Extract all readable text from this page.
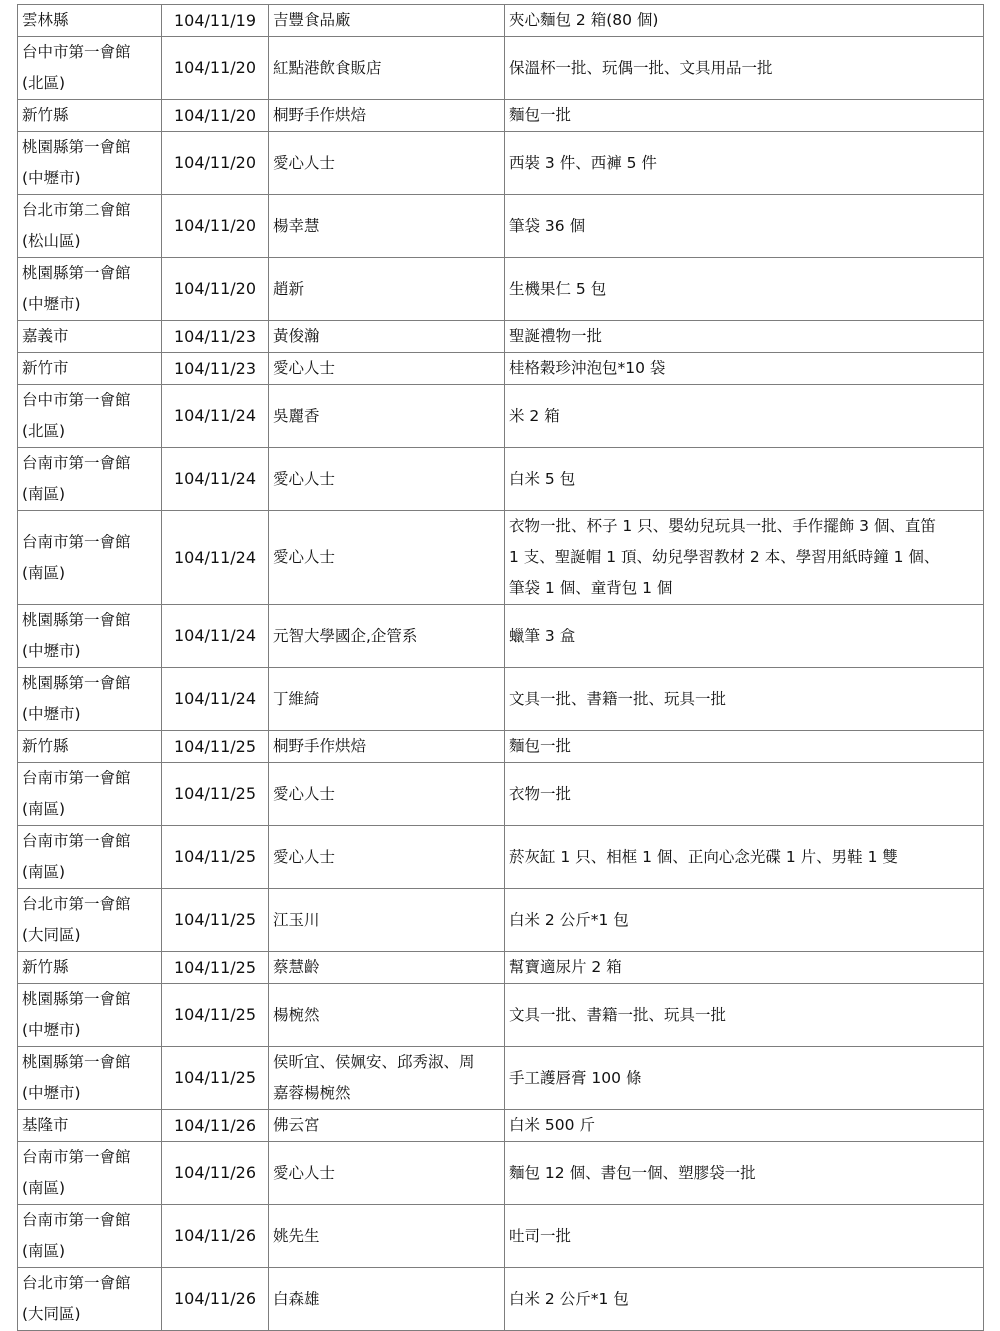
雲林縣	104/11/19	吉豐食品廠	夾心麵包 2 箱(80 個)

台中市第一會館
(北區)	104/11/20	紅點港飲食販店	保溫杯一批、玩偶一批、文具用品一批

新竹縣	104/11/20	桐野手作烘焙	麵包一批

桃園縣第一會館
(中壢市)	104/11/20	愛心人士	西裝 3 件、西褲 5 件

台北市第二會館
(松山區)	104/11/20	楊幸慧	筆袋 36 個

桃園縣第一會館
(中壢市)	104/11/20	趙新	生機果仁 5 包

嘉義市	104/11/23	黃俊瀚	聖誕禮物一批

新竹市	104/11/23	愛心人士	桂格穀珍沖泡包*10 袋

台中市第一會館
(北區)	104/11/24	吳麗香	米 2 箱

台南市第一會館
(南區)	104/11/24	愛心人士	白米 5 包

台南市第一會館
(南區)	104/11/24	愛心人士	衣物一批、杯子 1 只、嬰幼兒玩具一批、手作擺飾 3 個、直笛
1 支、聖誕帽 1 頂、幼兒學習教材 2 本、學習用紙時鐘 1 個、
筆袋 1 個、童背包 1 個

桃園縣第一會館
(中壢市)	104/11/24	元智大學國企,企管系	蠟筆 3 盒

桃園縣第一會館
(中壢市)	104/11/24	丁維綺	文具一批、書籍一批、玩具一批

新竹縣	104/11/25	桐野手作烘焙	麵包一批

台南市第一會館
(南區)	104/11/25	愛心人士	衣物一批

台南市第一會館
(南區)	104/11/25	愛心人士	菸灰缸 1 只、相框 1 個、正向心念光碟 1 片、男鞋 1 雙

台北市第一會館
(大同區)	104/11/25	江玉川	白米 2 公斤*1 包

新竹縣	104/11/25	蔡慧齡	幫寶適尿片 2 箱

桃園縣第一會館
(中壢市)	104/11/25	楊椀然	文具一批、書籍一批、玩具一批

桃園縣第一會館
(中壢市)	104/11/25	侯昕宜、侯姵安、邱秀淑、周
嘉蓉楊椀然	手工護唇膏 100 條

基隆市	104/11/26	佛云宮	白米 500 斤

台南市第一會館
(南區)	104/11/26	愛心人士	麵包 12 個、書包一個、塑膠袋一批

台南市第一會館
(南區)	104/11/26	姚先生	吐司一批

台北市第一會館
(大同區)	104/11/26	白森雄	白米 2 公斤*1 包
